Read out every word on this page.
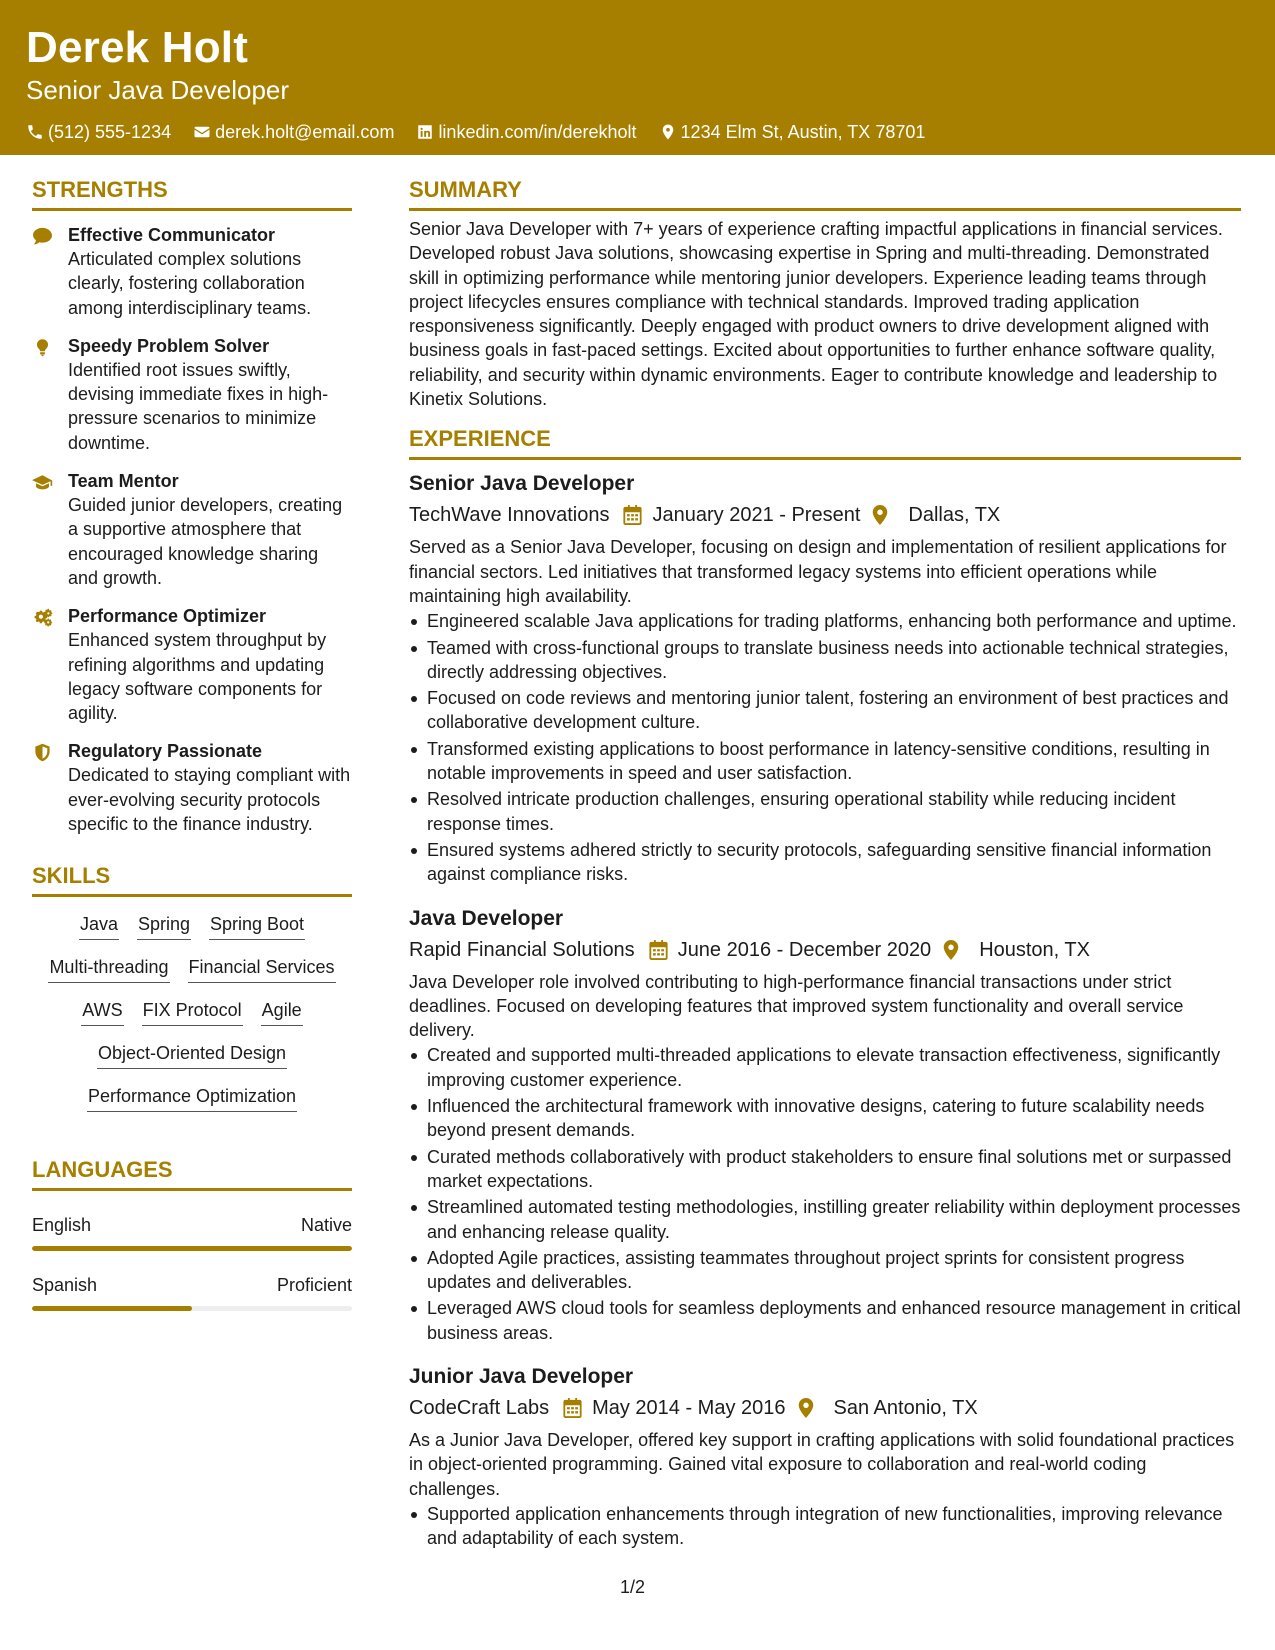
Derek Holt
Senior Java Developer
(512) 555-1234 derek.holt@email.com linkedin.com/in/derekholt 1234 Elm St, Austin, TX 78701
STRENGTHS
Effective Communicator
Articulated complex solutions clearly, fostering collaboration among interdisciplinary teams.
Speedy Problem Solver
Identified root issues swiftly, devising immediate fixes in high-pressure scenarios to minimize downtime.
Team Mentor
Guided junior developers, creating a supportive atmosphere that encouraged knowledge sharing and growth.
Performance Optimizer
Enhanced system throughput by refining algorithms and updating legacy software components for agility.
Regulatory Passionate
Dedicated to staying compliant with ever-evolving security protocols specific to the finance industry.
SKILLS
Java Spring Spring Boot
Multi-threading Financial Services
AWS FIX Protocol Agile
Object-Oriented Design
Performance Optimization
LANGUAGES
English	Native
Spanish	Proficient
SUMMARY
Senior Java Developer with 7+ years of experience crafting impactful applications in financial services. Developed robust Java solutions, showcasing expertise in Spring and multi-threading. Demonstrated skill in optimizing performance while mentoring junior developers. Experience leading teams through project lifecycles ensures compliance with technical standards. Improved trading application responsiveness significantly. Deeply engaged with product owners to drive development aligned with business goals in fast-paced settings. Excited about opportunities to further enhance software quality, reliability, and security within dynamic environments. Eager to contribute knowledge and leadership to Kinetix Solutions.
EXPERIENCE
Senior Java Developer
TechWave Innovations January 2021 - Present Dallas, TX
Served as a Senior Java Developer, focusing on design and implementation of resilient applications for financial sectors. Led initiatives that transformed legacy systems into efficient operations while maintaining high availability.
Engineered scalable Java applications for trading platforms, enhancing both performance and uptime.
Teamed with cross-functional groups to translate business needs into actionable technical strategies, directly addressing objectives.
Focused on code reviews and mentoring junior talent, fostering an environment of best practices and collaborative development culture.
Transformed existing applications to boost performance in latency-sensitive conditions, resulting in notable improvements in speed and user satisfaction.
Resolved intricate production challenges, ensuring operational stability while reducing incident response times.
Ensured systems adhered strictly to security protocols, safeguarding sensitive financial information against compliance risks.
Java Developer
Rapid Financial Solutions June 2016 - December 2020 Houston, TX
Java Developer role involved contributing to high-performance financial transactions under strict deadlines. Focused on developing features that improved system functionality and overall service delivery.
Created and supported multi-threaded applications to elevate transaction effectiveness, significantly improving customer experience.
Influenced the architectural framework with innovative designs, catering to future scalability needs beyond present demands.
Curated methods collaboratively with product stakeholders to ensure final solutions met or surpassed market expectations.
Streamlined automated testing methodologies, instilling greater reliability within deployment processes and enhancing release quality.
Adopted Agile practices, assisting teammates throughout project sprints for consistent progress updates and deliverables.
Leveraged AWS cloud tools for seamless deployments and enhanced resource management in critical business areas.
Junior Java Developer
CodeCraft Labs May 2014 - May 2016 San Antonio, TX
As a Junior Java Developer, offered key support in crafting applications with solid foundational practices in object-oriented programming. Gained vital exposure to collaboration and real-world coding challenges.
Supported application enhancements through integration of new functionalities, improving relevance and adaptability of each system.
1/2
